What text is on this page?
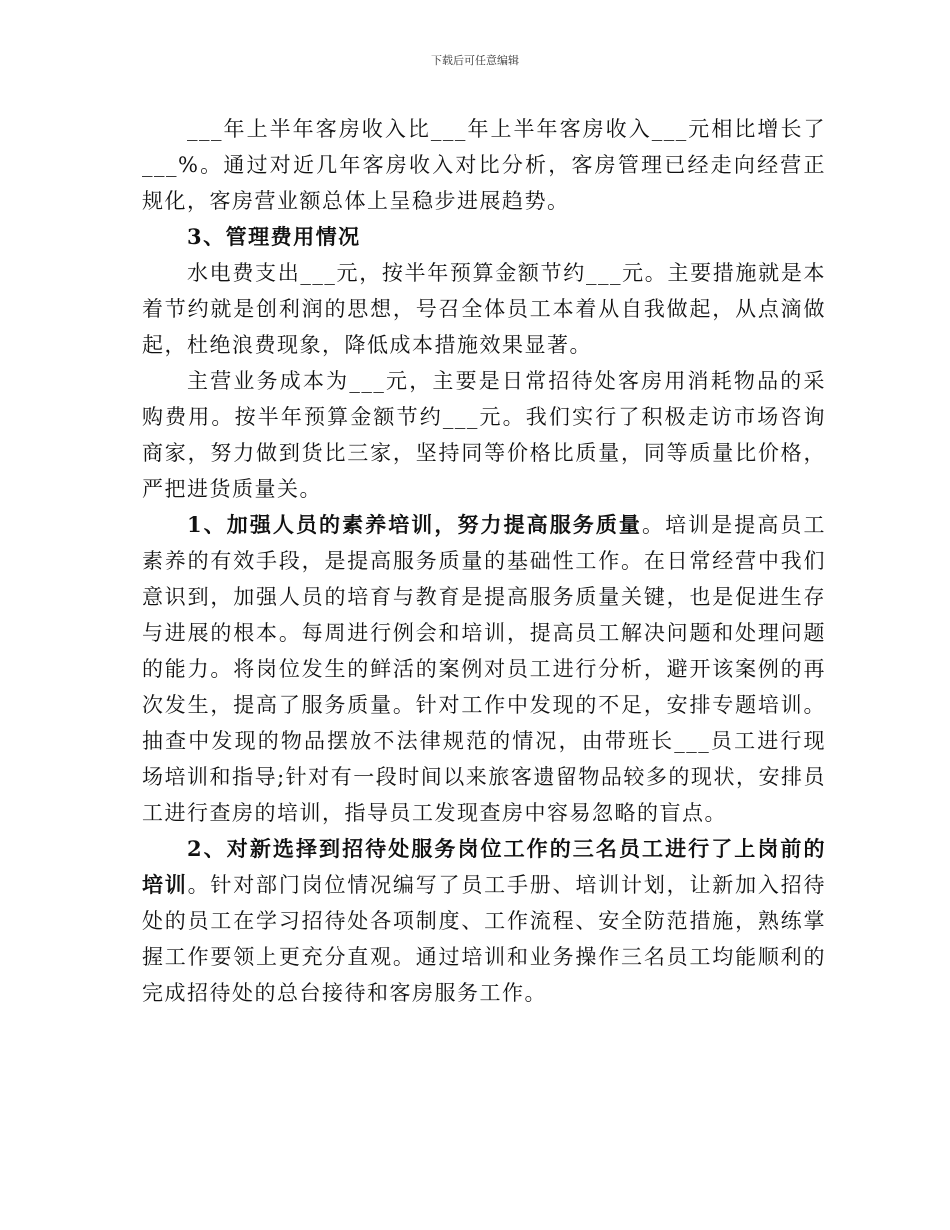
下载后可任意编辑

___年上半年客房收入比___年上半年客房收入___元相比增长了___%。通过对近几年客房收入对比分析，客房管理已经走向经营正规化，客房营业额总体上呈稳步进展趋势。

3、管理费用情况

水电费支出___元，按半年预算金额节约___元。主要措施就是本着节约就是创利润的思想，号召全体员工本着从自我做起，从点滴做起，杜绝浪费现象，降低成本措施效果显著。

主营业务成本为___元，主要是日常招待处客房用消耗物品的采购费用。按半年预算金额节约___元。我们实行了积极走访市场咨询商家，努力做到货比三家，坚持同等价格比质量，同等质量比价格，严把进货质量关。

1、加强人员的素养培训，努力提高服务质量。培训是提高员工素养的有效手段，是提高服务质量的基础性工作。在日常经营中我们意识到，加强人员的培育与教育是提高服务质量关键，也是促进生存与进展的根本。每周进行例会和培训，提高员工解决问题和处理问题的能力。将岗位发生的鲜活的案例对员工进行分析，避开该案例的再次发生，提高了服务质量。针对工作中发现的不足，安排专题培训。抽查中发现的物品摆放不法律规范的情况，由带班长___员工进行现场培训和指导;针对有一段时间以来旅客遗留物品较多的现状，安排员工进行查房的培训，指导员工发现查房中容易忽略的盲点。

2、对新选择到招待处服务岗位工作的三名员工进行了上岗前的培训。针对部门岗位情况编写了员工手册、培训计划，让新加入招待处的员工在学习招待处各项制度、工作流程、安全防范措施，熟练掌握工作要领上更充分直观。通过培训和业务操作三名员工均能顺利的完成招待处的总台接待和客房服务工作。
